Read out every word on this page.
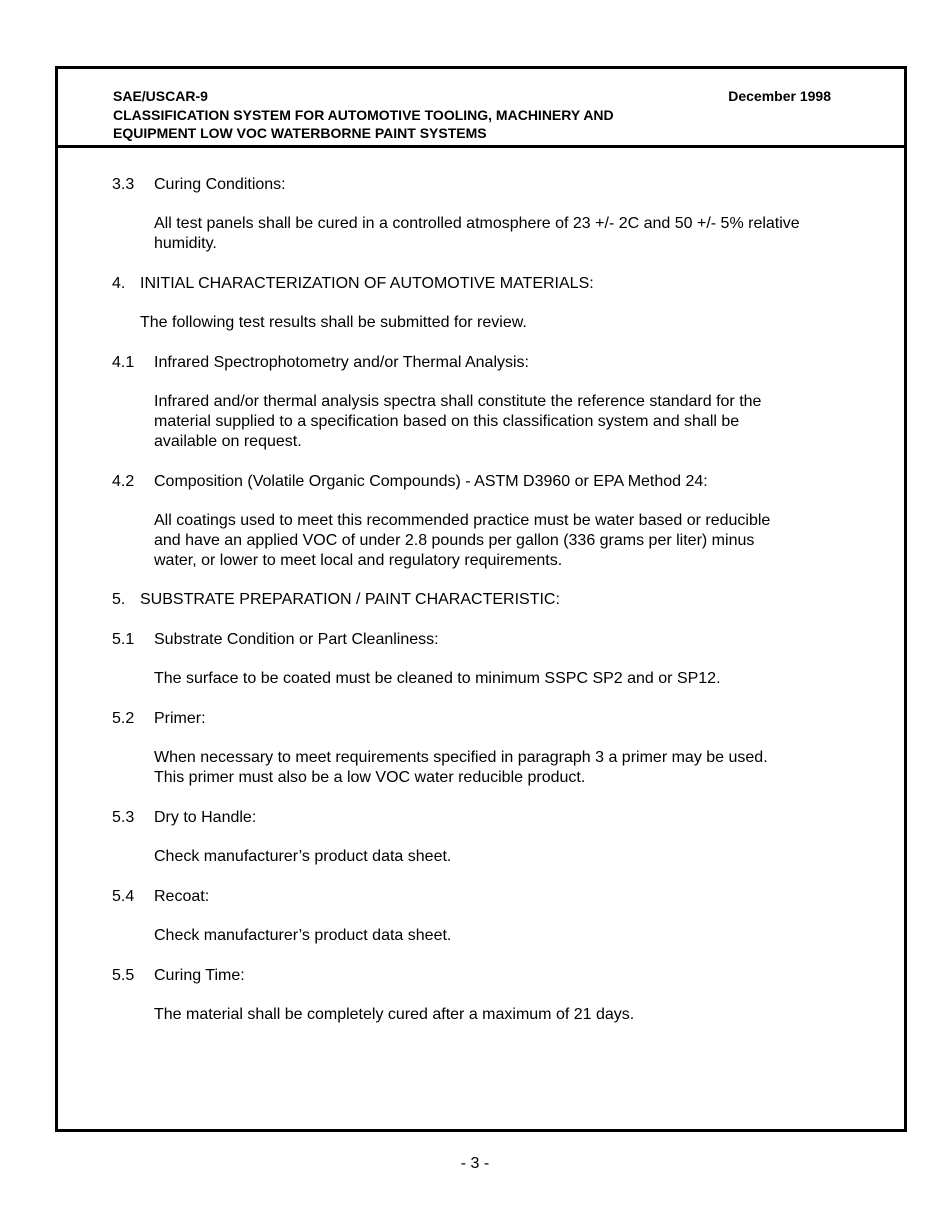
SAE/USCAR-9	December 1998
CLASSIFICATION SYSTEM FOR AUTOMOTIVE TOOLING, MACHINERY AND
EQUIPMENT LOW VOC WATERBORNE PAINT SYSTEMS
3.3 Curing Conditions:
All test panels shall be cured in a controlled atmosphere of 23 +/- 2C and 50 +/- 5% relative
humidity.
4. INITIAL CHARACTERIZATION OF AUTOMOTIVE MATERIALS:
The following test results shall be submitted for review.
4.1 Infrared Spectrophotometry and/or Thermal Analysis:
Infrared and/or thermal analysis spectra shall constitute the reference standard for the
material supplied to a specification based on this classification system and shall be
available on request.
4.2 Composition (Volatile Organic Compounds) - ASTM D3960 or EPA Method 24:
All coatings used to meet this recommended practice must be water based or reducible
and have an applied VOC of under 2.8 pounds per gallon (336 grams per liter) minus
water, or lower to meet local and regulatory requirements.
5. SUBSTRATE PREPARATION / PAINT CHARACTERISTIC:
5.1 Substrate Condition or Part Cleanliness:
The surface to be coated must be cleaned to minimum SSPC SP2 and or SP12.
5.2 Primer:
When necessary to meet requirements specified in paragraph 3 a primer may be used.
This primer must also be a low VOC water reducible product.
5.3 Dry to Handle:
Check manufacturer’s product data sheet.
5.4 Recoat:
Check manufacturer’s product data sheet.
5.5 Curing Time:
The material shall be completely cured after a maximum of 21 days.
- 3 -
